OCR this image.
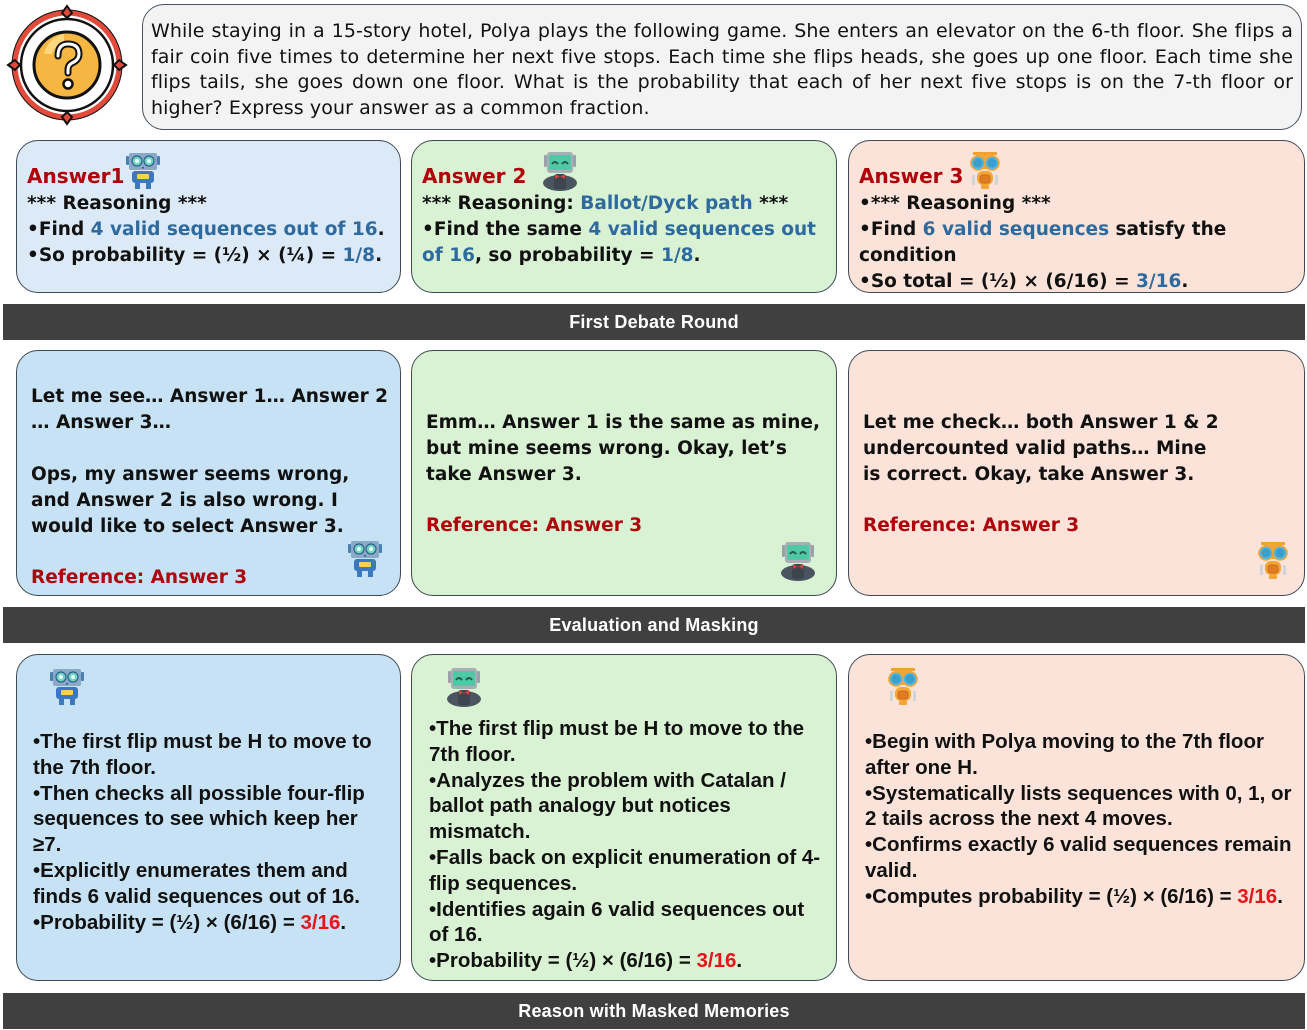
While staying in a 15-story hotel, Polya plays the following game. She enters an elevator on the 6-th floor. She flips a fair coin five times to determine her next five stops. Each time she flips heads, she goes up one floor. Each time she flips tails, she goes down one floor. What is the probability that each of her next five stops is on the 7-th floor or higher? Express your answer as a common fraction.
Answer1
*** Reasoning ***
•Find 4 valid sequences out of 16.
•So probability = (½) × (¼) = 1/8.
Answer 2
*** Reasoning: Ballot/Dyck path ***
•Find the same 4 valid sequences out of 16, so probability = 1/8.
Answer 3
•*** Reasoning ***
•Find 6 valid sequences satisfy the condition
•So total = (½) × (6/16) = 3/16.
First Debate Round
Let me see… Answer 1… Answer 2 … Answer 3…
Ops, my answer seems wrong, and Answer 2 is also wrong. I would like to select Answer 3.
Reference: Answer 3
Emm… Answer 1 is the same as mine, but mine seems wrong. Okay, let’s take Answer 3.
Reference: Answer 3
Let me check… both Answer 1 & 2 undercounted valid paths… Mine is correct. Okay, take Answer 3.
Reference: Answer 3
Evaluation and Masking
•The first flip must be H to move to the 7th floor.
•Then checks all possible four-flip sequences to see which keep her ≥7.
•Explicitly enumerates them and finds 6 valid sequences out of 16.
•Probability = (½) × (6/16) = 3/16.
•The first flip must be H to move to the 7th floor.
•Analyzes the problem with Catalan / ballot path analogy but notices mismatch.
•Falls back on explicit enumeration of 4-flip sequences.
•Identifies again 6 valid sequences out of 16.
•Probability = (½) × (6/16) = 3/16.
•Begin with Polya moving to the 7th floor after one H.
•Systematically lists sequences with 0, 1, or 2 tails across the next 4 moves.
•Confirms exactly 6 valid sequences remain valid.
•Computes probability = (½) × (6/16) = 3/16.
Reason with Masked Memories
